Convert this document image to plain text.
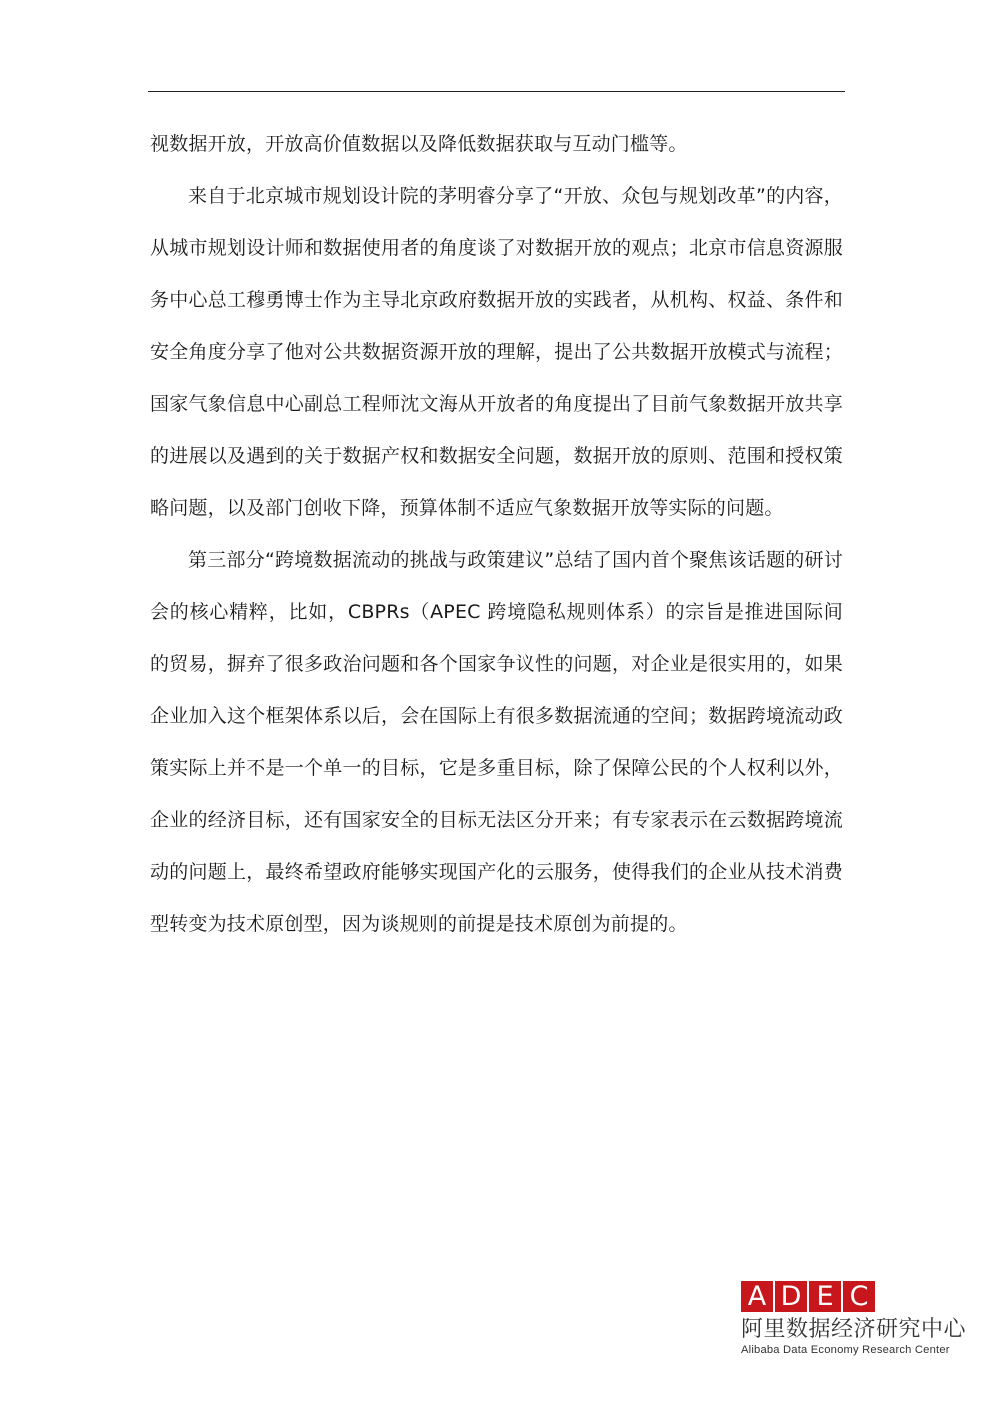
视数据开放，开放高价值数据以及降低数据获取与互动门槛等。

来自于北京城市规划设计院的茅明睿分享了“开放、众包与规划改革”的内容，从城市规划设计师和数据使用者的角度谈了对数据开放的观点；北京市信息资源服务中心总工穆勇博士作为主导北京政府数据开放的实践者，从机构、权益、条件和安全角度分享了他对公共数据资源开放的理解，提出了公共数据开放模式与流程；国家气象信息中心副总工程师沈文海从开放者的角度提出了目前气象数据开放共享的进展以及遇到的关于数据产权和数据安全问题，数据开放的原则、范围和授权策略问题，以及部门创收下降，预算体制不适应气象数据开放等实际的问题。

第三部分“跨境数据流动的挑战与政策建议”总结了国内首个聚焦该话题的研讨会的核心精粹，比如，CBPRs（APEC 跨境隐私规则体系）的宗旨是推进国际间的贸易，摒弃了很多政治问题和各个国家争议性的问题，对企业是很实用的，如果企业加入这个框架体系以后，会在国际上有很多数据流通的空间；数据跨境流动政策实际上并不是一个单一的目标，它是多重目标，除了保障公民的个人权利以外，企业的经济目标，还有国家安全的目标无法区分开来；有专家表示在云数据跨境流动的问题上，最终希望政府能够实现国产化的云服务，使得我们的企业从技术消费型转变为技术原创型，因为谈规则的前提是技术原创为前提的。

A D E C
阿里数据经济研究中心
Alibaba Data Economy Research Center
